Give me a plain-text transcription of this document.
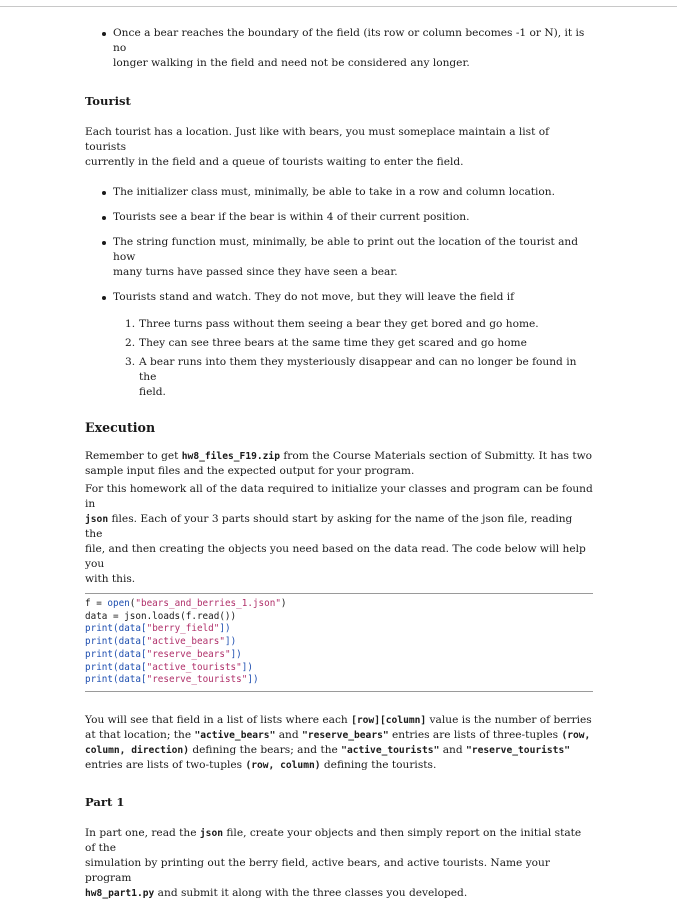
Once a bear reaches the boundary of the field (its row or column becomes -1 or N), it is no

longer walking in the field and need not be considered any longer.

Tourist

Each tourist has a location. Just like with bears, you must someplace maintain a list of tourists

currently in the field and a queue of tourists waiting to enter the field.

The initializer class must, minimally, be able to take in a row and column location.

Tourists see a bear if the bear is within 4 of their current position.

The string function must, minimally, be able to print out the location of the tourist and how

many turns have passed since they have seen a bear.

Tourists stand and watch. They do not move, but they will leave the field if

1. Three turns pass without them seeing a bear they get bored and go home.

2. They can see three bears at the same time they get scared and go home

3. A bear runs into them they mysteriously disappear and can no longer be found in the

field.

Execution

Remember to get hw8_files_F19.zip from the Course Materials section of Submitty. It has two

sample input files and the expected output for your program.

For this homework all of the data required to initialize your classes and program can be found in

json files. Each of your 3 parts should start by asking for the name of the json file, reading the

file, and then creating the objects you need based on the data read. The code below will help you

with this.

f = open("bears_and_berries_1.json")
data = json.loads(f.read())
print(data["berry_field"])
print(data["active_bears"])
print(data["reserve_bears"])
print(data["active_tourists"])
print(data["reserve_tourists"])

You will see that field in a list of lists where each [row][column] value is the number of berries

at that location; the "active_bears" and "reserve_bears" entries are lists of three-tuples (row,

column, direction) defining the bears; and the "active_tourists" and "reserve_tourists"

entries are lists of two-tuples (row, column) defining the tourists.

Part 1

In part one, read the json file, create your objects and then simply report on the initial state of the

simulation by printing out the berry field, active bears, and active tourists. Name your program

hw8_part1.py and submit it along with the three classes you developed.
